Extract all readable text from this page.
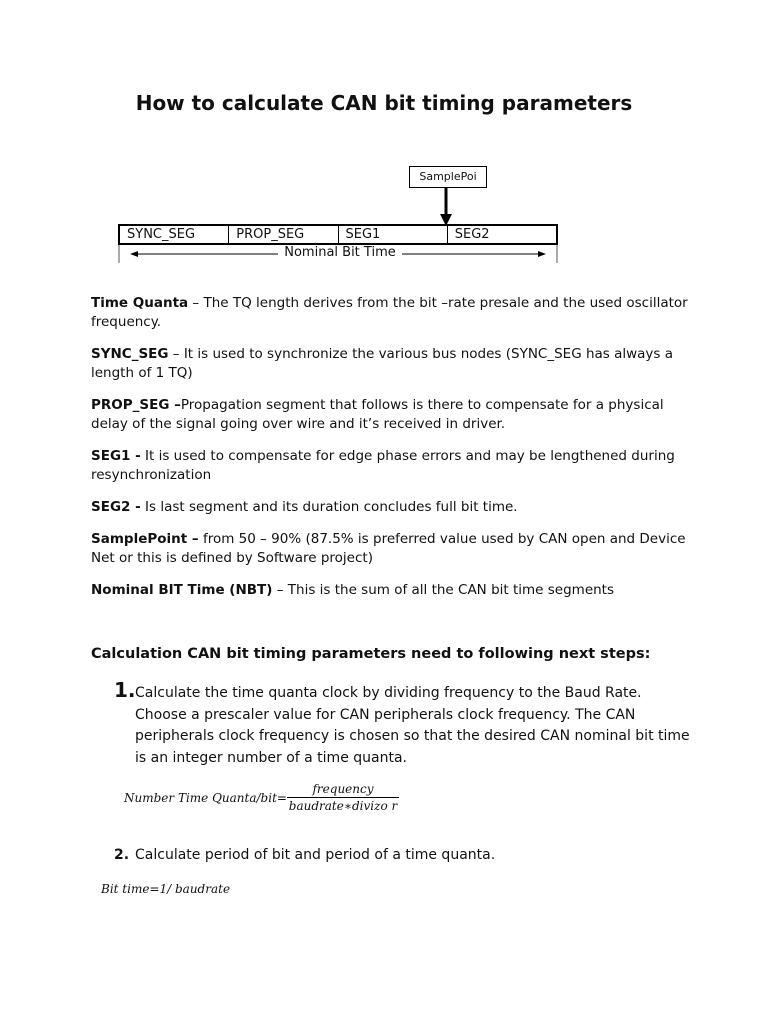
How to calculate CAN bit timing parameters
SamplePoi
SYNC_SEG	PROP_SEG	SEG1	SEG2
Nominal Bit Time

Time Quanta – The TQ length derives from the bit –rate presale and the used oscillator frequency.

SYNC_SEG – It is used to synchronize the various bus nodes (SYNC_SEG has always a length of 1 TQ)

PROP_SEG –Propagation segment that follows is there to compensate for a physical delay of the signal going over wire and it’s received in driver.

SEG1 - It is used to compensate for edge phase errors and may be lengthened during resynchronization

SEG2 - Is last segment and its duration concludes full bit time.

SamplePoint – from 50 – 90% (87.5% is preferred value used by CAN open and Device Net or this is defined by Software project)

Nominal BIT Time (NBT) – This is the sum of all the CAN bit time segments

Calculation CAN bit timing parameters need to following next steps:
1. Calculate the time quanta clock by dividing frequency to the Baud Rate. Choose a prescaler value for CAN peripherals clock frequency. The CAN peripherals clock frequency is chosen so that the desired CAN nominal bit time is an integer number of a time quanta.
Number Time Quanta/bit=
frequency
baudrate∗divizo r
2. Calculate period of bit and period of a time quanta.
Bit time=1/ baudrate
